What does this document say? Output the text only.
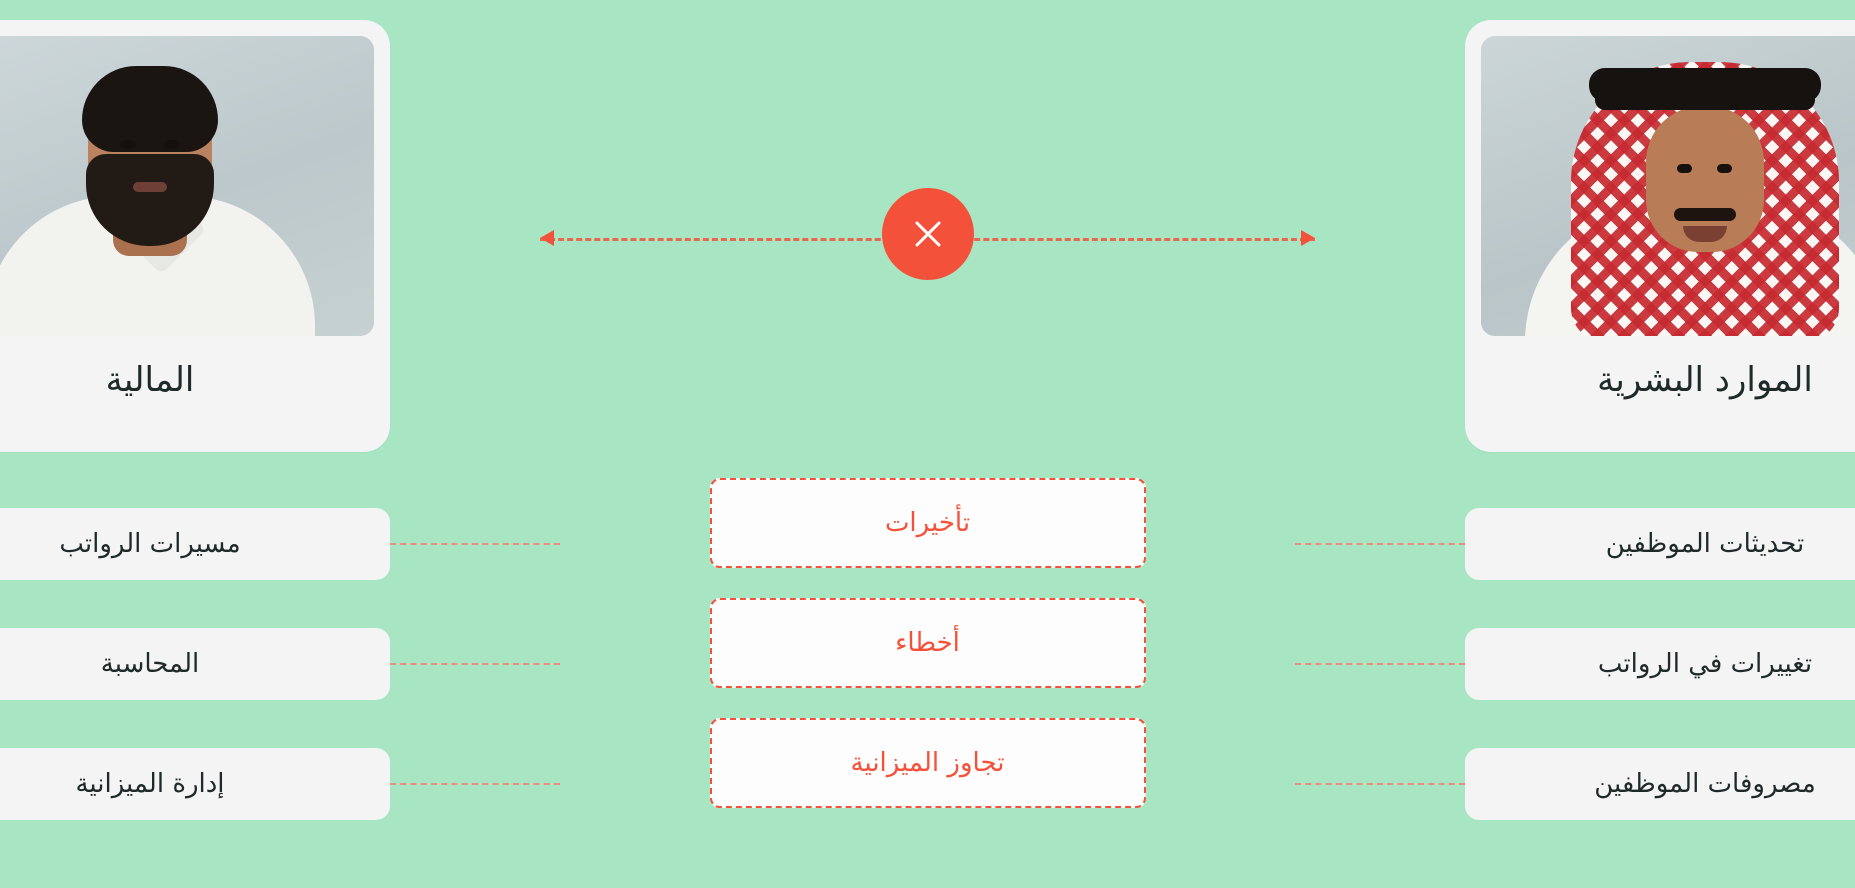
الموارد البشرية
المالية
تحديثات الموظفين
تأخيرات
مسيرات الرواتب
تغييرات في الرواتب
أخطاء
المحاسبة
مصروفات الموظفين
تجاوز الميزانية
إدارة الميزانية
